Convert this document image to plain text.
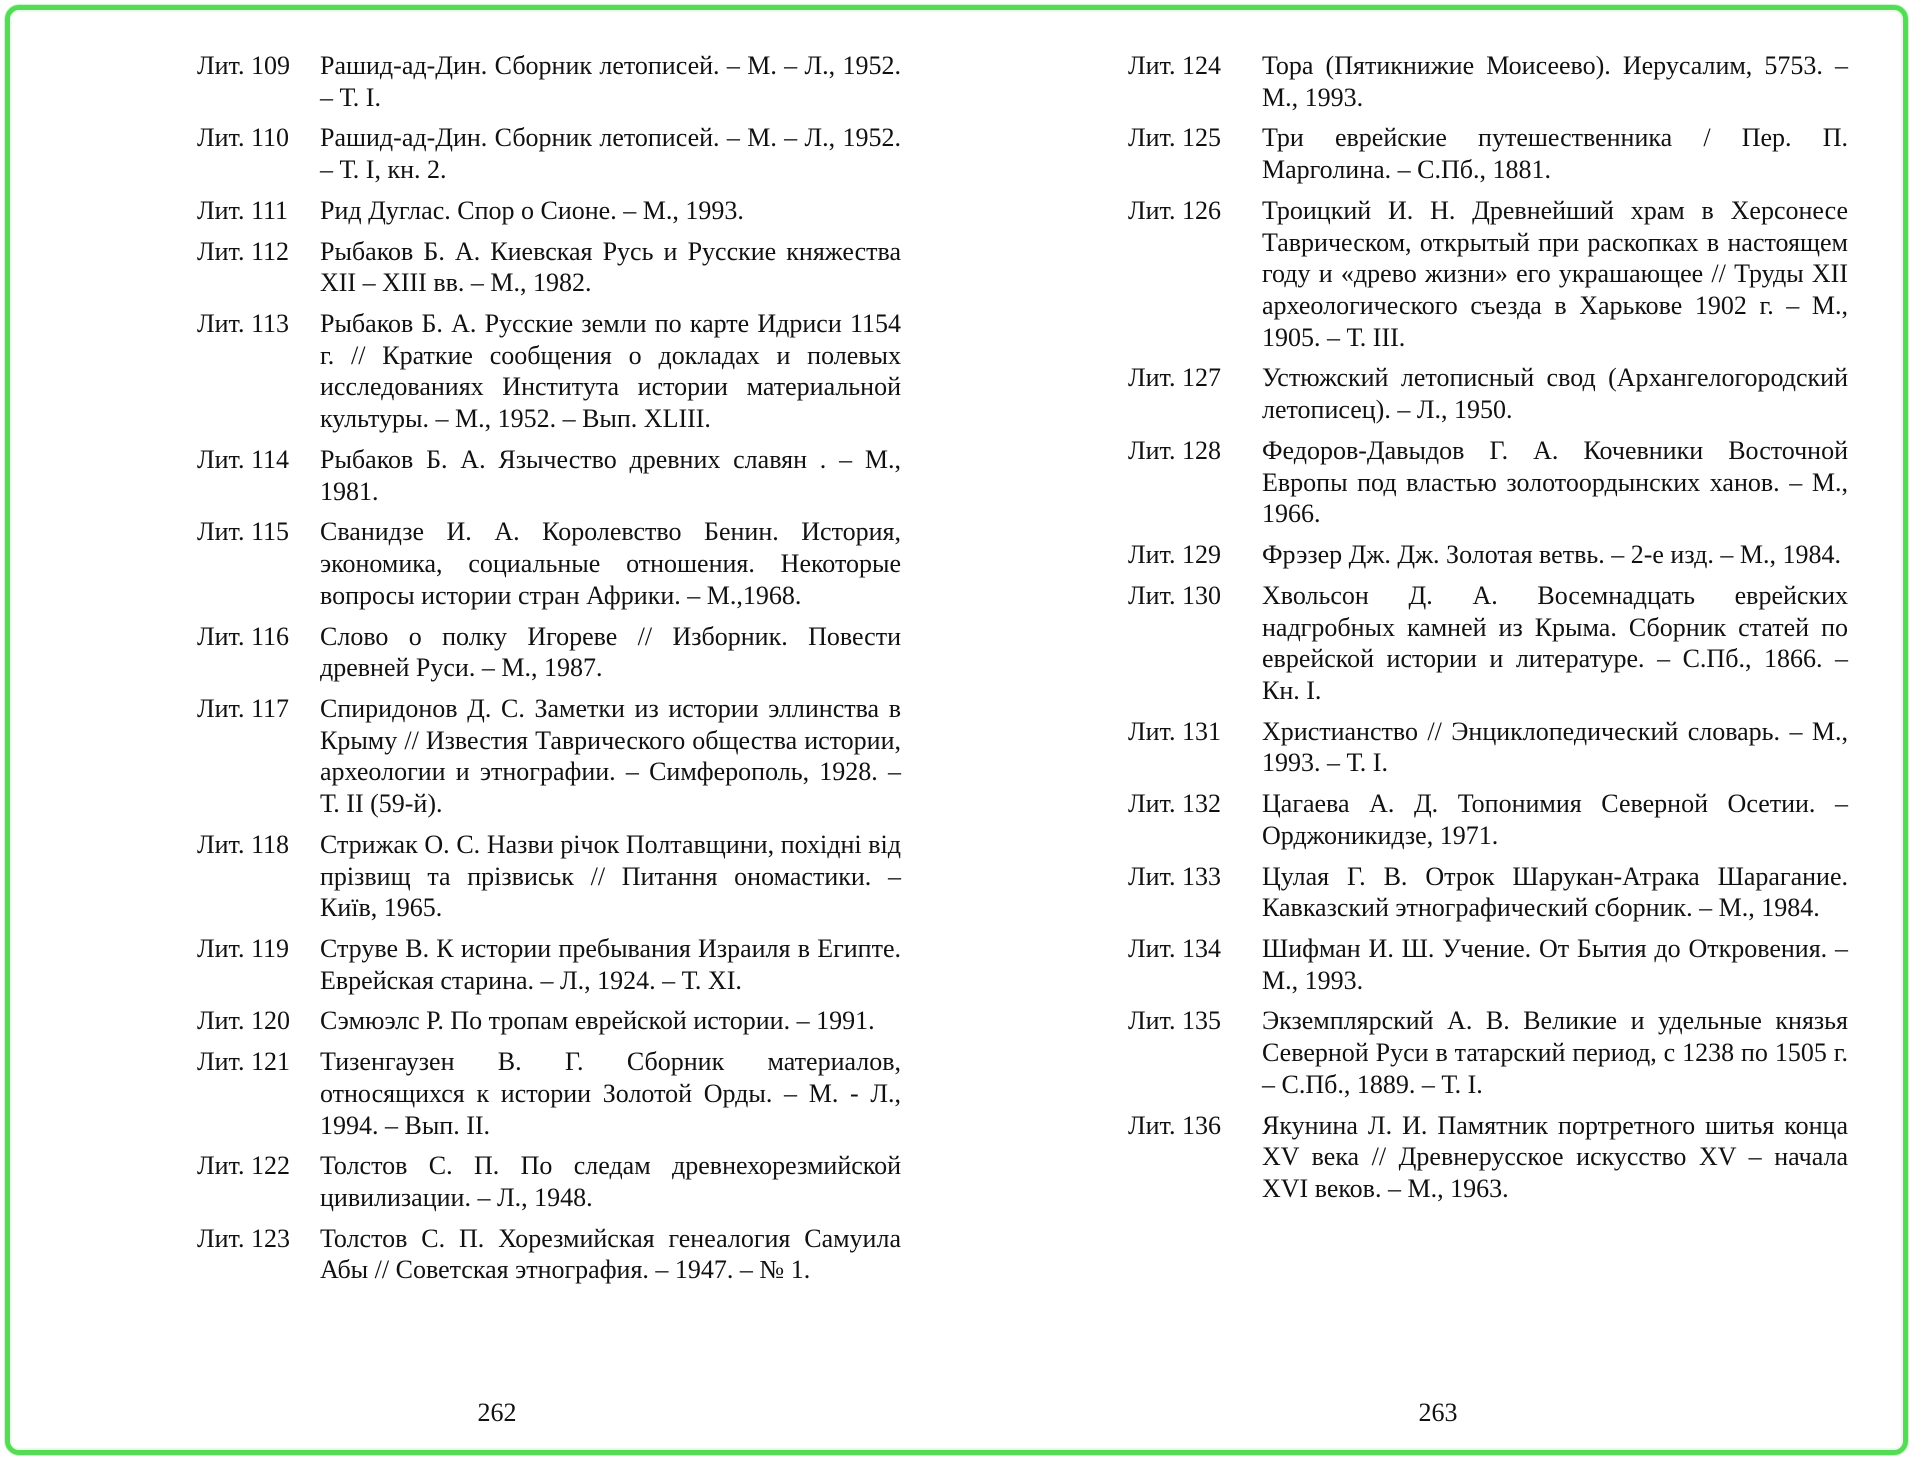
Лит. 109	Рашид-ад-Дин. Сборник летописей. – М. – Л., 1952. – Т. I.
Лит. 110	Рашид-ад-Дин. Сборник летописей. – М. – Л., 1952. – Т. I, кн. 2.
Лит. 111	Рид Дуглас. Спор о Сионе. – М., 1993.
Лит. 112	Рыбаков Б. А. Киевская Русь и Русские княжества XII – XIII вв. – М., 1982.
Лит. 113	Рыбаков Б. А. Русские земли по карте Идриси 1154 г. // Краткие сообщения о докладах и полевых исследованиях Института истории материальной культуры. – М., 1952. – Вып. XLIII.
Лит. 114	Рыбаков Б. А. Язычество древних славян . – М., 1981.
Лит. 115	Сванидзе И. А. Королевство Бенин. История, экономика, социальные отношения. Некоторые вопросы истории стран Африки. – М.,1968.
Лит. 116	Слово о полку Игореве // Изборник. Повести древней Руси. – М., 1987.
Лит. 117	Спиридонов Д. С. Заметки из истории эллинства в Крыму // Известия Таврического общества истории, археологии и этнографии. – Симферополь, 1928. – Т. II (59-й).
Лит. 118	Стрижак О. С. Назви річок Полтавщини, похідні від прізвищ та прізвиськ // Питання ономастики. – Київ, 1965.
Лит. 119	Струве В. К истории пребывания Израиля в Египте. Еврейская старина. – Л., 1924. – Т. XI.
Лит. 120	Сэмюэлс Р. По тропам еврейской истории. – 1991.
Лит. 121	Тизенгаузен В. Г. Сборник материалов, относящихся к истории Золотой Орды. – М. - Л., 1994. – Вып. II.
Лит. 122	Толстов С. П. По следам древнехорезмийской цивилизации. – Л., 1948.
Лит. 123	Толстов С. П. Хорезмийская генеалогия Самуила Абы // Советская этнография. – 1947. – № 1.
Лит. 124	Тора (Пятикнижие Моисеево). Иерусалим, 5753. – М., 1993.
Лит. 125	Три еврейские путешественника / Пер. П. Марголина. – С.Пб., 1881.
Лит. 126	Троицкий И. Н. Древнейший храм в Херсонесе Таврическом, открытый при раскопках в настоящем году и «древо жизни» его украшающее // Труды XII археологического съезда в Харькове 1902 г. – М., 1905. – Т. III.
Лит. 127	Устюжский летописный свод (Архангелогородский летописец). – Л., 1950.
Лит. 128	Федоров-Давыдов Г. А. Кочевники Восточной Европы под властью золотоордынских ханов. – М., 1966.
Лит. 129	Фрэзер Дж. Дж. Золотая ветвь. – 2-е изд. – М., 1984.
Лит. 130	Хвольсон Д. А. Восемнадцать еврейских надгробных камней из Крыма. Сборник статей по еврейской истории и литературе. – С.Пб., 1866. – Кн. I.
Лит. 131	Христианство // Энциклопедический словарь. – М., 1993. – Т. I.
Лит. 132	Цагаева А. Д. Топонимия Северной Осетии. – Орджоникидзе, 1971.
Лит. 133	Цулая Г. В. Отрок Шарукан-Атрака Шарагание. Кавказский этнографический сборник. – М., 1984.
Лит. 134	Шифман И. Ш. Учение. От Бытия до Откровения. – М., 1993.
Лит. 135	Экземплярский А. В. Великие и удельные князья Северной Руси в татарский период, с 1238 по 1505 г. – С.Пб., 1889. – Т. I.
Лит. 136	Якунина Л. И. Памятник портретного шитья конца XV века // Древнерусское искусство XV – начала XVI веков. – М., 1963.
262	263
